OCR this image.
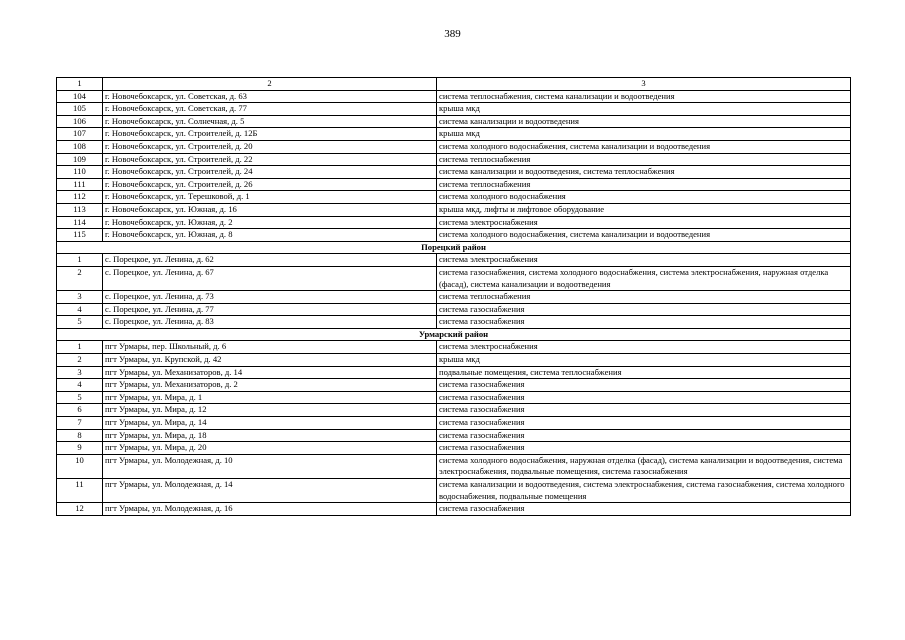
389
1	2	3
104	г. Новочебоксарск, ул. Советская, д. 63	система теплоснабжения, система канализации и водоотведения
105	г. Новочебоксарск, ул. Советская, д. 77	крыша мкд
106	г. Новочебоксарск, ул. Солнечная, д. 5	система канализации и водоотведения
107	г. Новочебоксарск, ул. Строителей, д. 12Б	крыша мкд
108	г. Новочебоксарск, ул. Строителей, д. 20	система холодного водоснабжения, система канализации и водоотведения
109	г. Новочебоксарск, ул. Строителей, д. 22	система теплоснабжения
110	г. Новочебоксарск, ул. Строителей, д. 24	система канализации и водоотведения, система теплоснабжения
111	г. Новочебоксарск, ул. Строителей, д. 26	система теплоснабжения
112	г. Новочебоксарск, ул. Терешковой, д. 1	система холодного водоснабжения
113	г. Новочебоксарск, ул. Южная, д. 16	крыша мкд, лифты и лифтовое оборудование
114	г. Новочебоксарск, ул. Южная, д. 2	система электроснабжения
115	г. Новочебоксарск, ул. Южная, д. 8	система холодного водоснабжения, система канализации и водоотведения
Порецкий район		
1	с. Порецкое, ул. Ленина, д. 62	система электроснабжения
2	с. Порецкое, ул. Ленина, д. 67	система газоснабжения, система холодного водоснабжения, система электроснабжения, наружная отделка (фасад), система канализации и водоотведения
3	с. Порецкое, ул. Ленина, д. 73	система теплоснабжения
4	с. Порецкое, ул. Ленина, д. 77	система газоснабжения
5	с. Порецкое, ул. Ленина, д. 83	система газоснабжения
Урмарский район		
1	пгт Урмары, пер. Школьный, д. 6	система электроснабжения
2	пгт Урмары, ул. Крупской, д. 42	крыша мкд
3	пгт Урмары, ул. Механизаторов, д. 14	подвальные помещения, система теплоснабжения
4	пгт Урмары, ул. Механизаторов, д. 2	система газоснабжения
5	пгт Урмары, ул. Мира, д. 1	система газоснабжения
6	пгт Урмары, ул. Мира, д. 12	система газоснабжения
7	пгт Урмары, ул. Мира, д. 14	система газоснабжения
8	пгт Урмары, ул. Мира, д. 18	система газоснабжения
9	пгт Урмары, ул. Мира, д. 20	система газоснабжения
10	пгт Урмары, ул. Молодежная, д. 10	система холодного водоснабжения, наружная отделка (фасад), система канализации и водоотведения, система электроснабжения, подвальные помещения, система газоснабжения
11	пгт Урмары, ул. Молодежная, д. 14	система канализации и водоотведения, система электроснабжения, система газоснабжения, система холодного водоснабжения, подвальные помещения
12	пгт Урмары, ул. Молодежная, д. 16	система газоснабжения
